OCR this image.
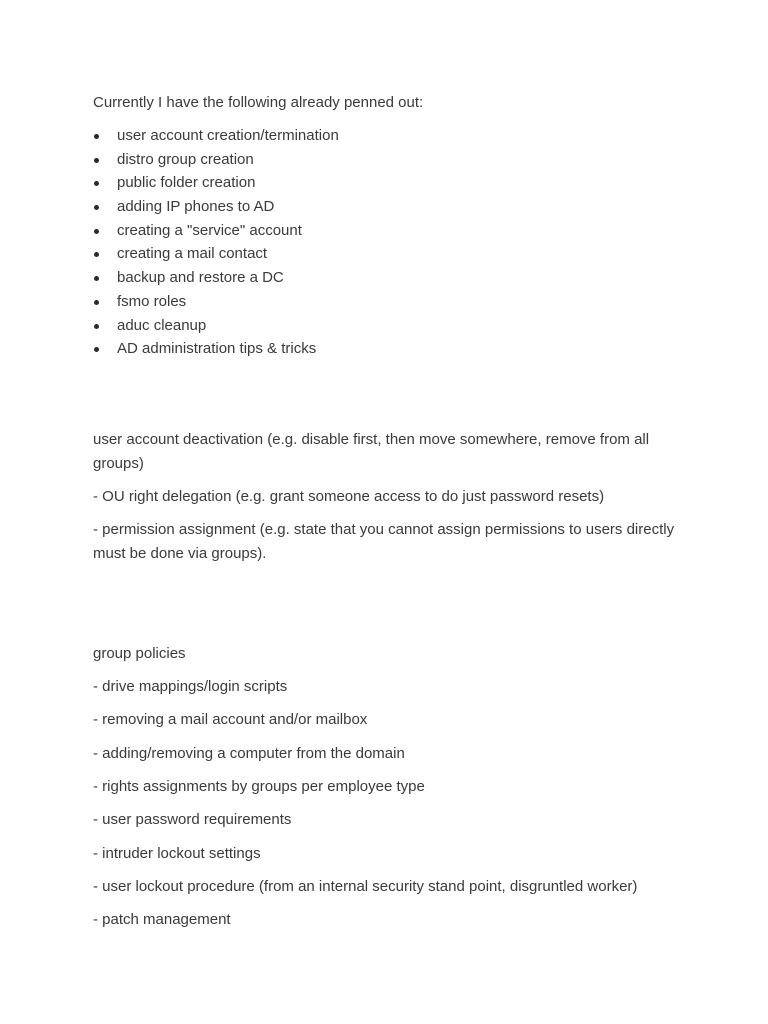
Currently I have the following already penned out:
user account creation/termination
distro group creation
public folder creation
adding IP phones to AD
creating a "service" account
creating a mail contact
backup and restore a DC
fsmo roles
aduc cleanup
AD administration tips & tricks

user account deactivation (e.g. disable first, then move somewhere, remove from all groups)

- OU right delegation (e.g. grant someone access to do just password resets)

- permission assignment (e.g. state that you cannot assign permissions to users directly must be done via groups).

group policies

- drive mappings/login scripts

- removing a mail account and/or mailbox

- adding/removing a computer from the domain

- rights assignments by groups per employee type

- user password requirements

- intruder lockout settings

- user lockout procedure (from an internal security stand point, disgruntled worker)

- patch management
